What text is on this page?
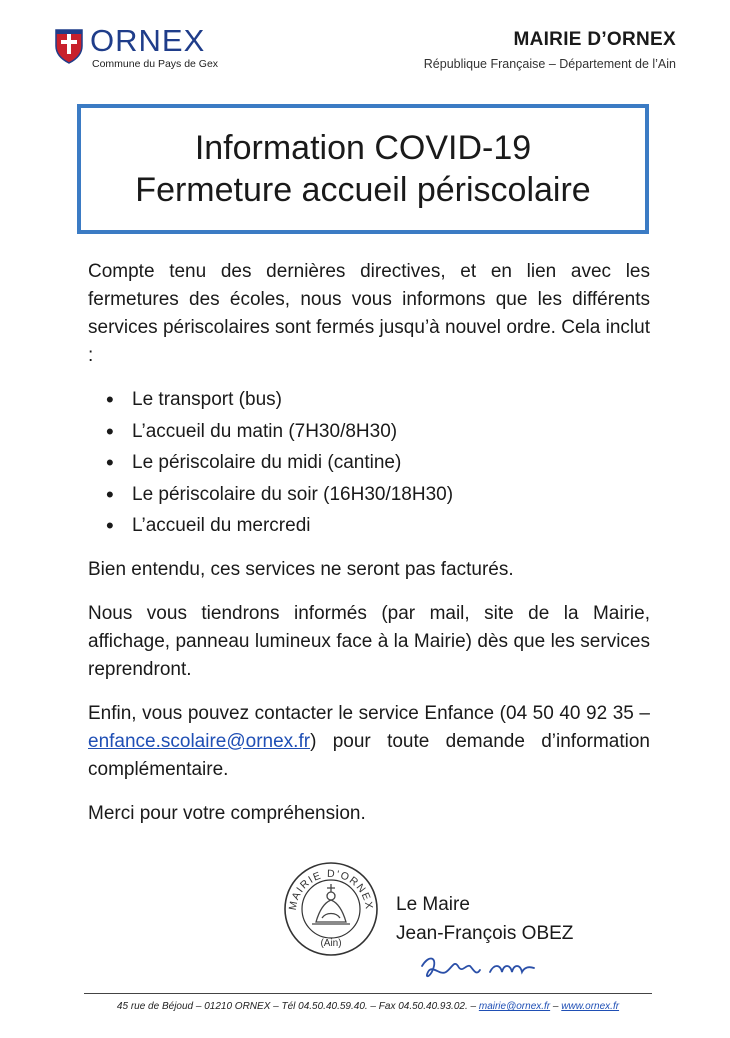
ORNEX
Commune du Pays de Gex
MAIRIE D’ORNEX
République Française – Département de l’Ain
Information COVID-19
Fermeture accueil périscolaire

Compte tenu des dernières directives, et en lien avec les fermetures des écoles, nous vous informons que les différents services périscolaires sont fermés jusqu’à nouvel ordre. Cela inclut :

• Le transport (bus)
• L’accueil du matin (7H30/8H30)
• Le périscolaire du midi (cantine)
• Le périscolaire du soir (16H30/18H30)
• L’accueil du mercredi

Bien entendu, ces services ne seront pas facturés.

Nous vous tiendrons informés (par mail, site de la Mairie, affichage, panneau lumineux face à la Mairie) dès que les services reprendront.

Enfin, vous pouvez contacter le service Enfance (04 50 40 92 35 – enfance.scolaire@ornex.fr) pour toute demande d’information complémentaire.

Merci pour votre compréhension.

MAIRIE D'ORNEX
(Ain)
Le Maire
Jean-François OBEZ
45 rue de Béjoud – 01210 ORNEX – Tél 04.50.40.59.40. – Fax 04.50.40.93.02. – mairie@ornex.fr – www.ornex.fr
